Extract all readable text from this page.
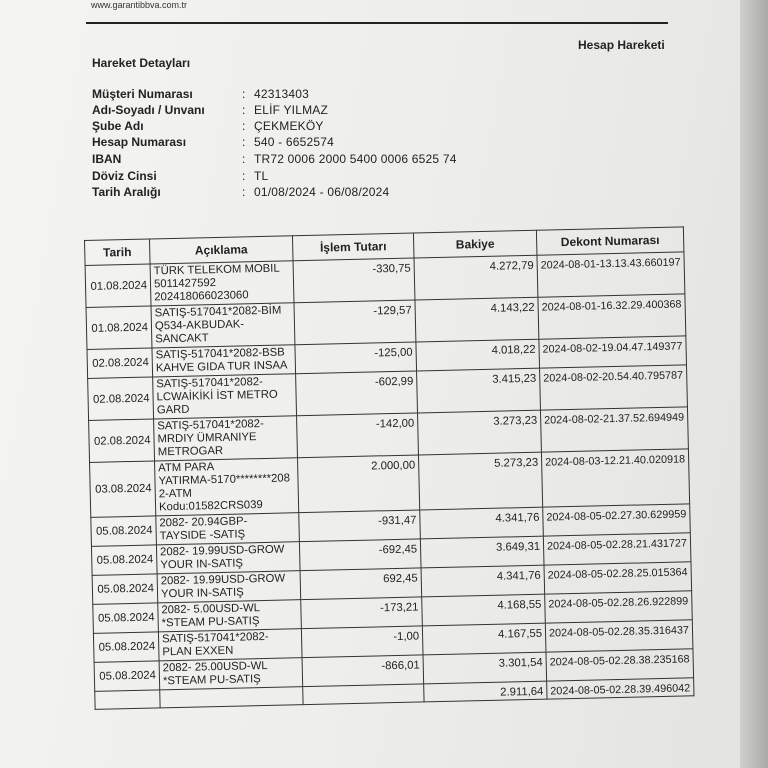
www.garantibbva.com.tr
Hesap Hareketi
Hareket Detayları
Müşteri Numarası	: 42313403
Adı-Soyadı / Unvanı	: ELİF YILMAZ
Şube Adı	: ÇEKMEKÖY
Hesap Numarası	: 540 - 6652574
IBAN	: TR72 0006 2000 5400 0006 6525 74
Döviz Cinsi	: TL
Tarih Aralığı	: 01/08/2024 - 06/08/2024
Tarih	Açıklama	İşlem Tutarı	Bakiye	Dekont Numarası
01.08.2024	TÜRK TELEKOM MOBIL
5011427592
202418066023060	-330,75	4.272,79	2024-08-01-13.13.43.660197
01.08.2024	SATIŞ-517041*2082-BİM
Q534-AKBUDAK-
SANCAKT	-129,57	4.143,22	2024-08-01-16.32.29.400368
02.08.2024	SATIŞ-517041*2082-BSB
KAHVE GIDA TUR INSAA	-125,00	4.018,22	2024-08-02-19.04.47.149377
02.08.2024	SATIŞ-517041*2082-
LCWAİKİKİ İST METRO
GARD	-602,99	3.415,23	2024-08-02-20.54.40.795787
02.08.2024	SATIŞ-517041*2082-
MRDIY ÜMRANIYE
METROGAR	-142,00	3.273,23	2024-08-02-21.37.52.694949
03.08.2024	ATM PARA
YATIRMA-5170********208
2-ATM
Kodu:01582CRS039	2.000,00	5.273,23	2024-08-03-12.21.40.020918
05.08.2024	2082- 20.94GBP-
TAYSIDE -SATIŞ	-931,47	4.341,76	2024-08-05-02.27.30.629959
05.08.2024	2082- 19.99USD-GROW
YOUR IN-SATIŞ	-692,45	3.649,31	2024-08-05-02.28.21.431727
05.08.2024	2082- 19.99USD-GROW
YOUR IN-SATIŞ	692,45	4.341,76	2024-08-05-02.28.25.015364
05.08.2024	2082- 5.00USD-WL
*STEAM PU-SATIŞ	-173,21	4.168,55	2024-08-05-02.28.26.922899
05.08.2024	SATIŞ-517041*2082-
PLAN EXXEN	-1,00	4.167,55	2024-08-05-02.28.35.316437
05.08.2024	2082- 25.00USD-WL
*STEAM PU-SATIŞ	-866,01	3.301,54	2024-08-05-02.28.38.235168

		2.911,64	2024-08-05-02.28.39.496042
